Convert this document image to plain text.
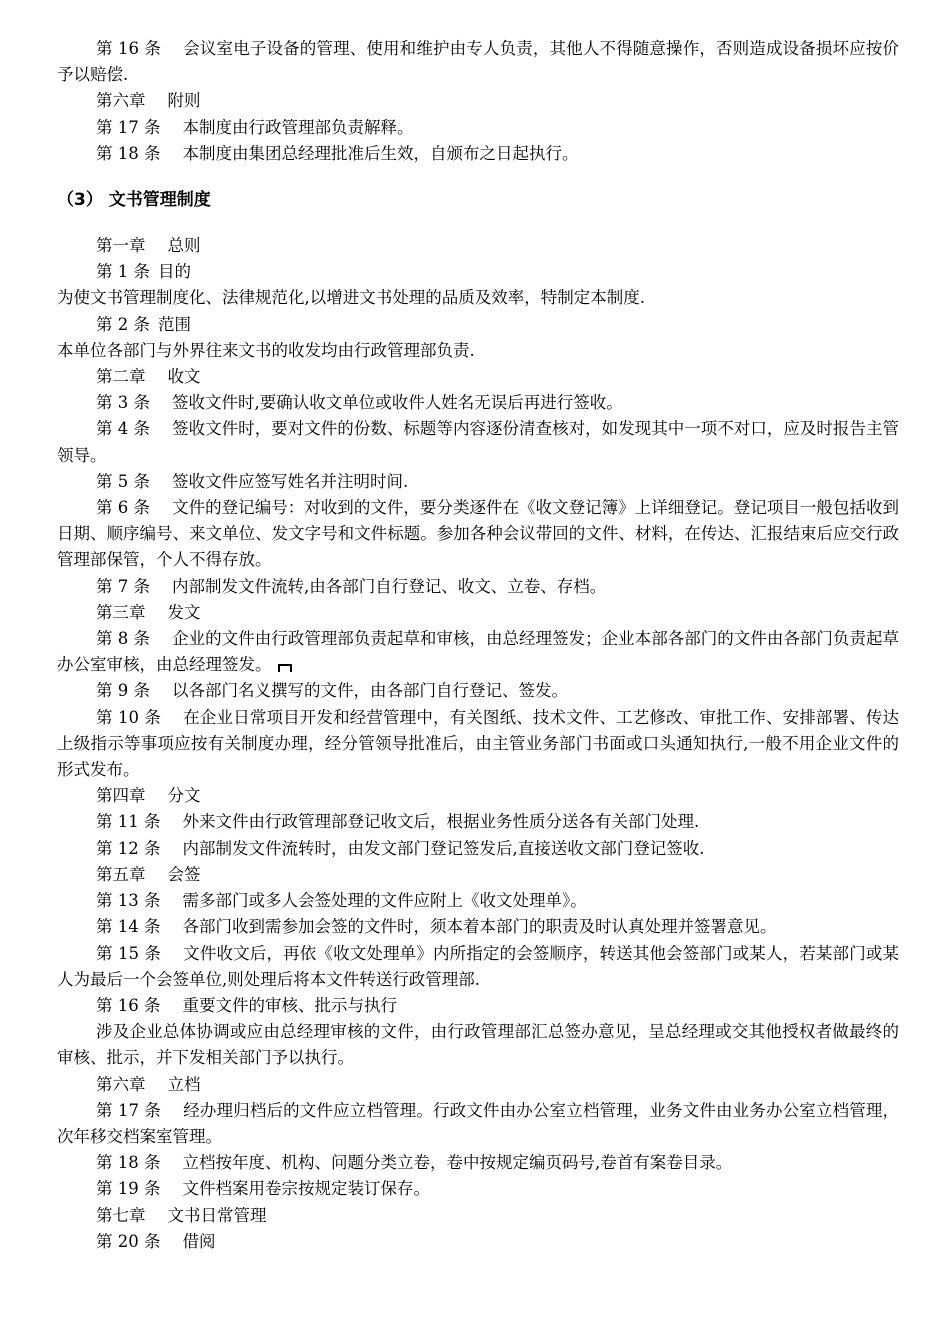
第 16 条 会议室电子设备的管理、使用和维护由专人负责，其他人不得随意操作，否则造成设备损坏应按价予以赔偿.

第六章 附则

第 17 条 本制度由行政管理部负责解释。

第 18 条 本制度由集团总经理批准后生效，自颁布之日起执行。

（3） 文书管理制度

第一章 总则

第 1 条 目的

为使文书管理制度化、法律规范化,以增进文书处理的品质及效率，特制定本制度.

第 2 条 范围

本单位各部门与外界往来文书的收发均由行政管理部负责.

第二章 收文

第 3 条 签收文件时,要确认收文单位或收件人姓名无误后再进行签收。

第 4 条 签收文件时，要对文件的份数、标题等内容逐份清查核对，如发现其中一项不对口，应及时报告主管领导。

第 5 条 签收文件应签写姓名并注明时间.

第 6 条 文件的登记编号：对收到的文件，要分类逐件在《收文登记簿》上详细登记。登记项目一般包括收到日期、顺序编号、来文单位、发文字号和文件标题。参加各种会议带回的文件、材料，在传达、汇报结束后应交行政管理部保管，个人不得存放。

第 7 条 内部制发文件流转,由各部门自行登记、收文、立卷、存档。

第三章 发文

第 8 条 企业的文件由行政管理部负责起草和审核，由总经理签发；企业本部各部门的文件由各部门负责起草办公室审核，由总经理签发。

第 9 条 以各部门名义撰写的文件，由各部门自行登记、签发。

第 10 条 在企业日常项目开发和经营管理中，有关图纸、技术文件、工艺修改、审批工作、安排部署、传达上级指示等事项应按有关制度办理，经分管领导批准后，由主管业务部门书面或口头通知执行,一般不用企业文件的形式发布。

第四章 分文

第 11 条 外来文件由行政管理部登记收文后，根据业务性质分送各有关部门处理.

第 12 条 内部制发文件流转时，由发文部门登记签发后,直接送收文部门登记签收.

第五章 会签

第 13 条 需多部门或多人会签处理的文件应附上《收文处理单》。

第 14 条 各部门收到需参加会签的文件时，须本着本部门的职责及时认真处理并签署意见。

第 15 条 文件收文后，再依《收文处理单》内所指定的会签顺序，转送其他会签部门或某人，若某部门或某人为最后一个会签单位,则处理后将本文件转送行政管理部.

第 16 条 重要文件的审核、批示与执行

涉及企业总体协调或应由总经理审核的文件，由行政管理部汇总签办意见，呈总经理或交其他授权者做最终的审核、批示，并下发相关部门予以执行。

第六章 立档

第 17 条 经办理归档后的文件应立档管理。行政文件由办公室立档管理，业务文件由业务办公室立档管理，次年移交档案室管理。

第 18 条 立档按年度、机构、问题分类立卷，卷中按规定编页码号,卷首有案卷目录。

第 19 条 文件档案用卷宗按规定装订保存。

第七章 文书日常管理

第 20 条 借阅
